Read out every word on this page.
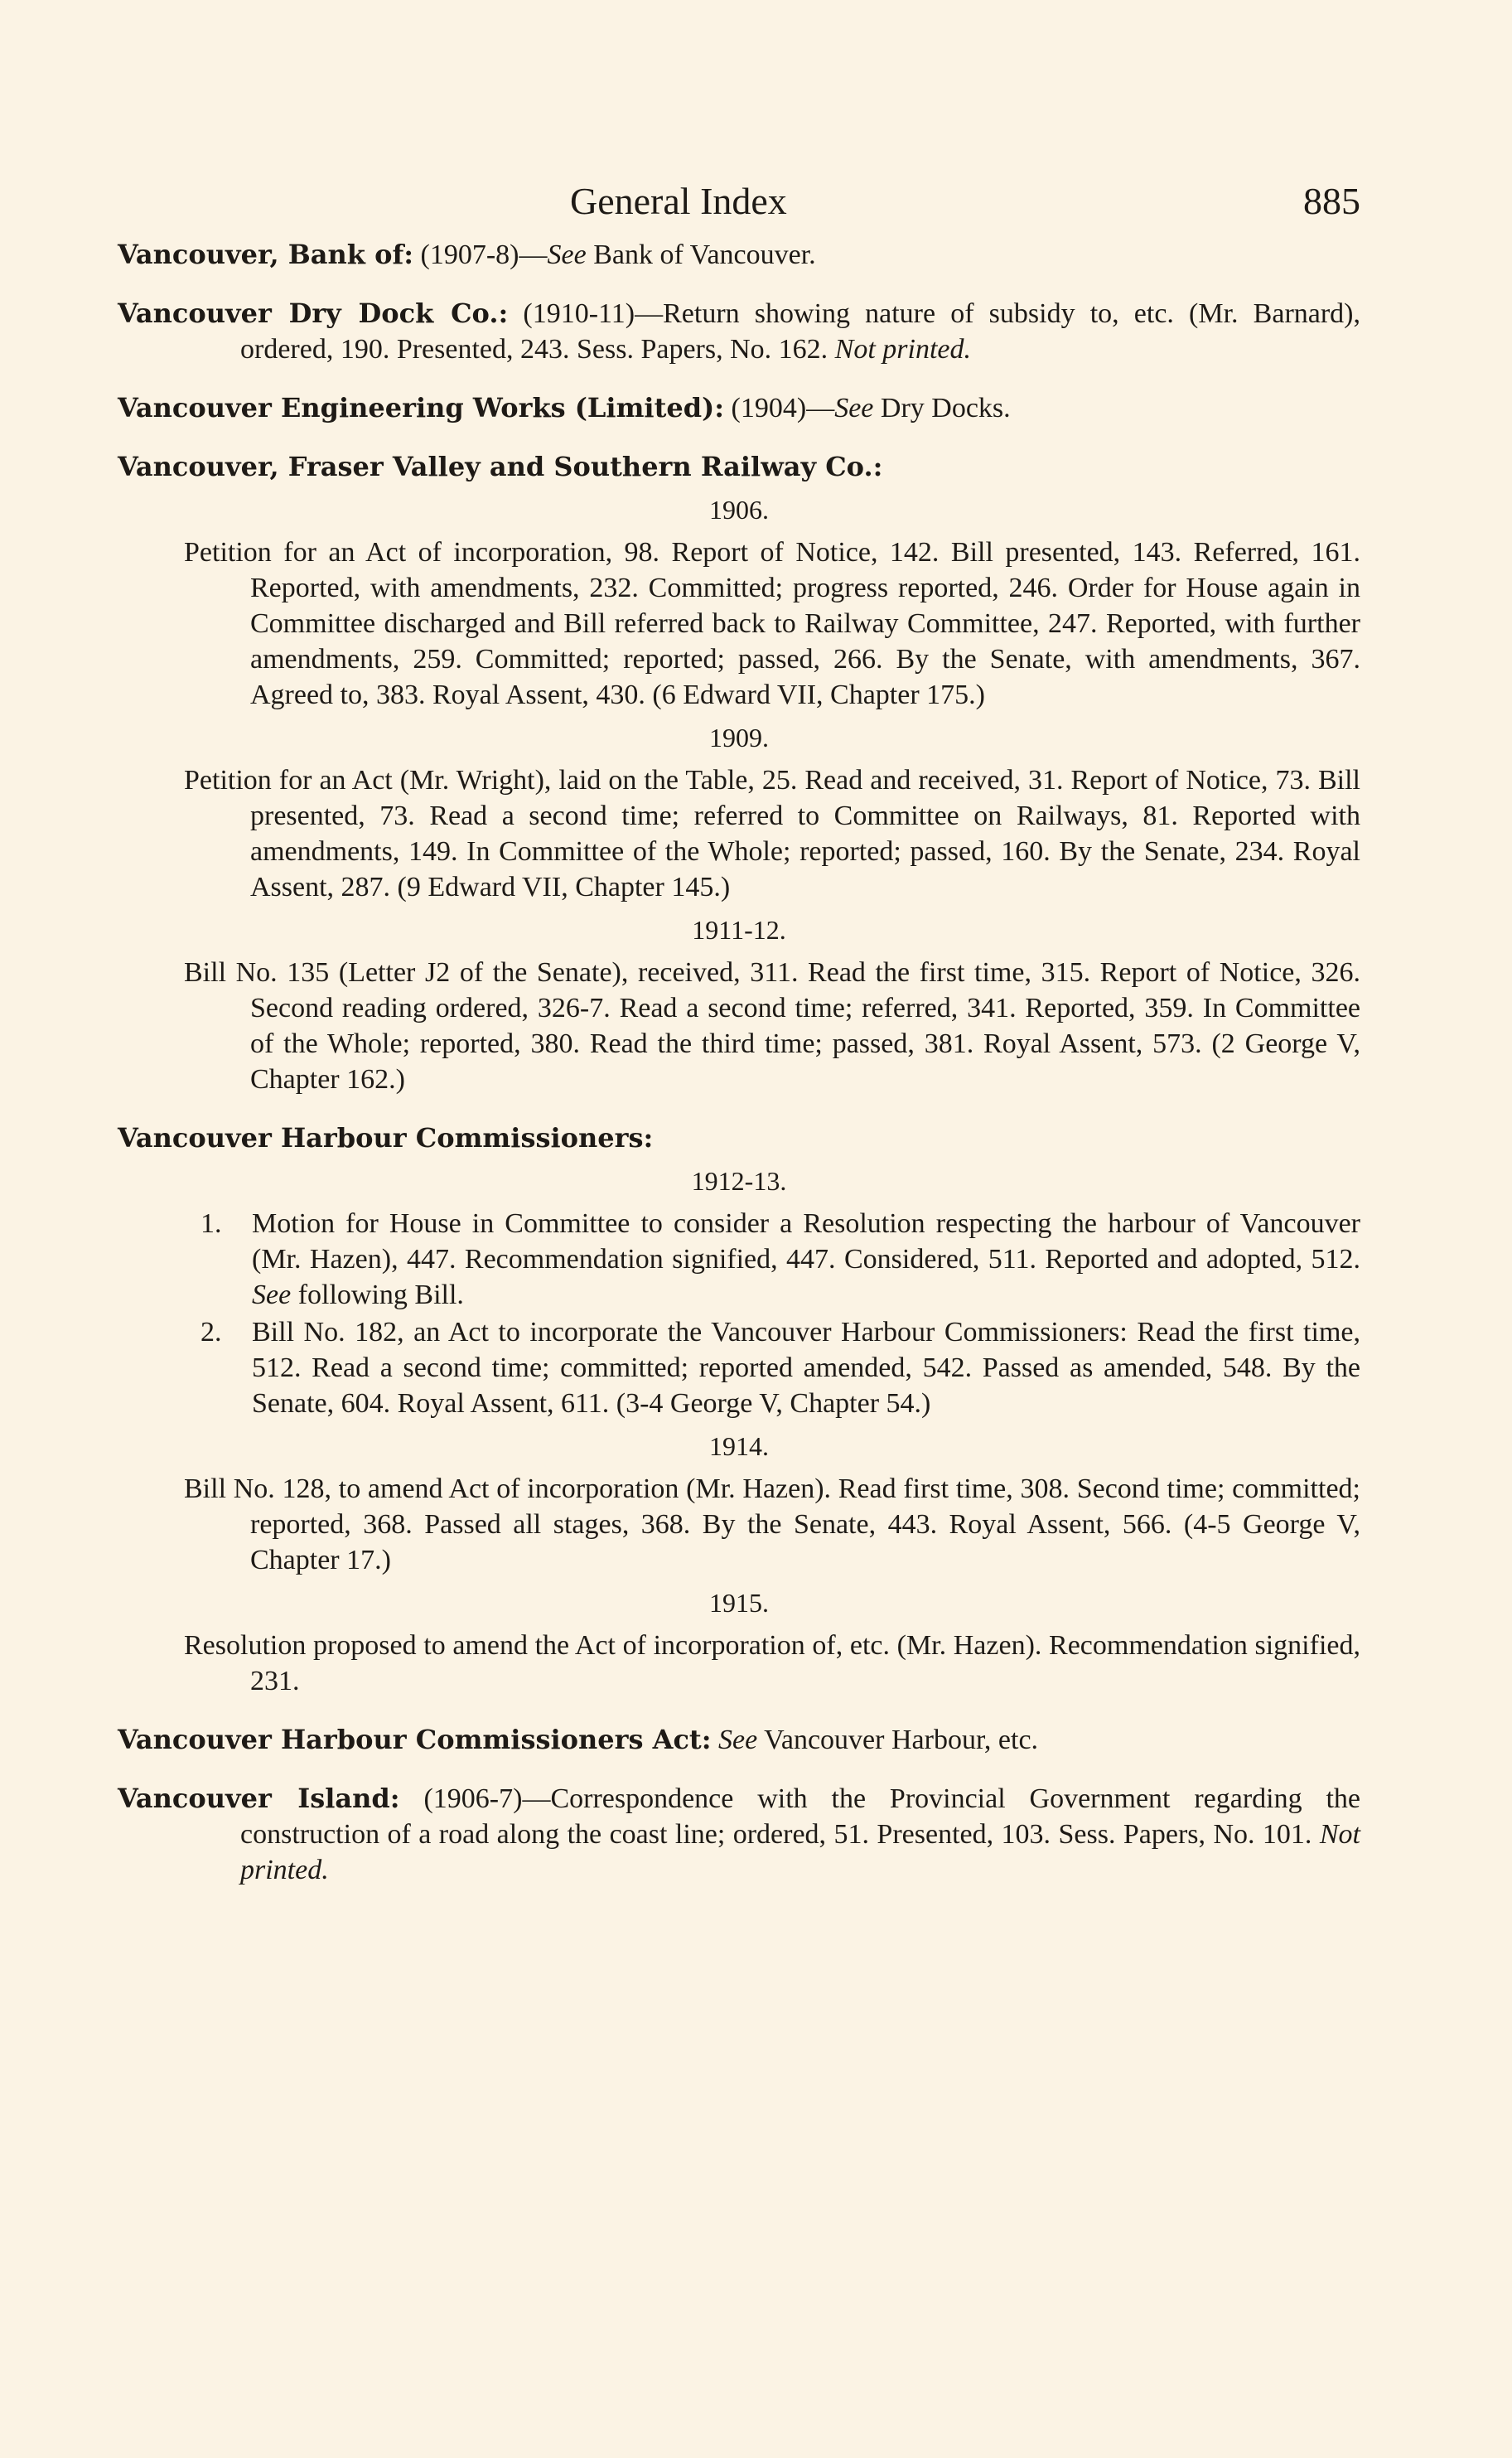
General Index	885
Vancouver, Bank of: (1907-8)—See Bank of Vancouver.
Vancouver Dry Dock Co.: (1910-11)—Return showing nature of subsidy to, etc. (Mr. Barnard), ordered, 190. Presented, 243. Sess. Papers, No. 162. Not printed.
Vancouver Engineering Works (Limited): (1904)—See Dry Docks.
Vancouver, Fraser Valley and Southern Railway Co.:
1906.
Petition for an Act of incorporation, 98. Report of Notice, 142. Bill presented, 143. Referred, 161. Reported, with amendments, 232. Committed; progress reported, 246. Order for House again in Committee discharged and Bill referred back to Railway Committee, 247. Reported, with further amendments, 259. Committed; reported; passed, 266. By the Senate, with amendments, 367. Agreed to, 383. Royal Assent, 430. (6 Edward VII, Chapter 175.)
1909.
Petition for an Act (Mr. Wright), laid on the Table, 25. Read and received, 31. Report of Notice, 73. Bill presented, 73. Read a second time; referred to Committee on Railways, 81. Reported with amendments, 149. In Committee of the Whole; reported; passed, 160. By the Senate, 234. Royal Assent, 287. (9 Edward VII, Chapter 145.)
1911-12.
Bill No. 135 (Letter J2 of the Senate), received, 311. Read the first time, 315. Report of Notice, 326. Second reading ordered, 326-7. Read a second time; referred, 341. Reported, 359. In Committee of the Whole; reported, 380. Read the third time; passed, 381. Royal Assent, 573. (2 George V, Chapter 162.)
Vancouver Harbour Commissioners:
1912-13.
1. Motion for House in Committee to consider a Resolution respecting the harbour of Vancouver (Mr. Hazen), 447. Recommendation signified, 447. Considered, 511. Reported and adopted, 512. See following Bill.
2. Bill No. 182, an Act to incorporate the Vancouver Harbour Commissioners: Read the first time, 512. Read a second time; committed; reported amended, 542. Passed as amended, 548. By the Senate, 604. Royal Assent, 611. (3-4 George V, Chapter 54.)
1914.
Bill No. 128, to amend Act of incorporation (Mr. Hazen). Read first time, 308. Second time; committed; reported, 368. Passed all stages, 368. By the Senate, 443. Royal Assent, 566. (4-5 George V, Chapter 17.)
1915.
Resolution proposed to amend the Act of incorporation of, etc. (Mr. Hazen). Recommendation signified, 231.
Vancouver Harbour Commissioners Act: See Vancouver Harbour, etc.
Vancouver Island: (1906-7)—Correspondence with the Provincial Government regarding the construction of a road along the coast line; ordered, 51. Presented, 103. Sess. Papers, No. 101. Not printed.
